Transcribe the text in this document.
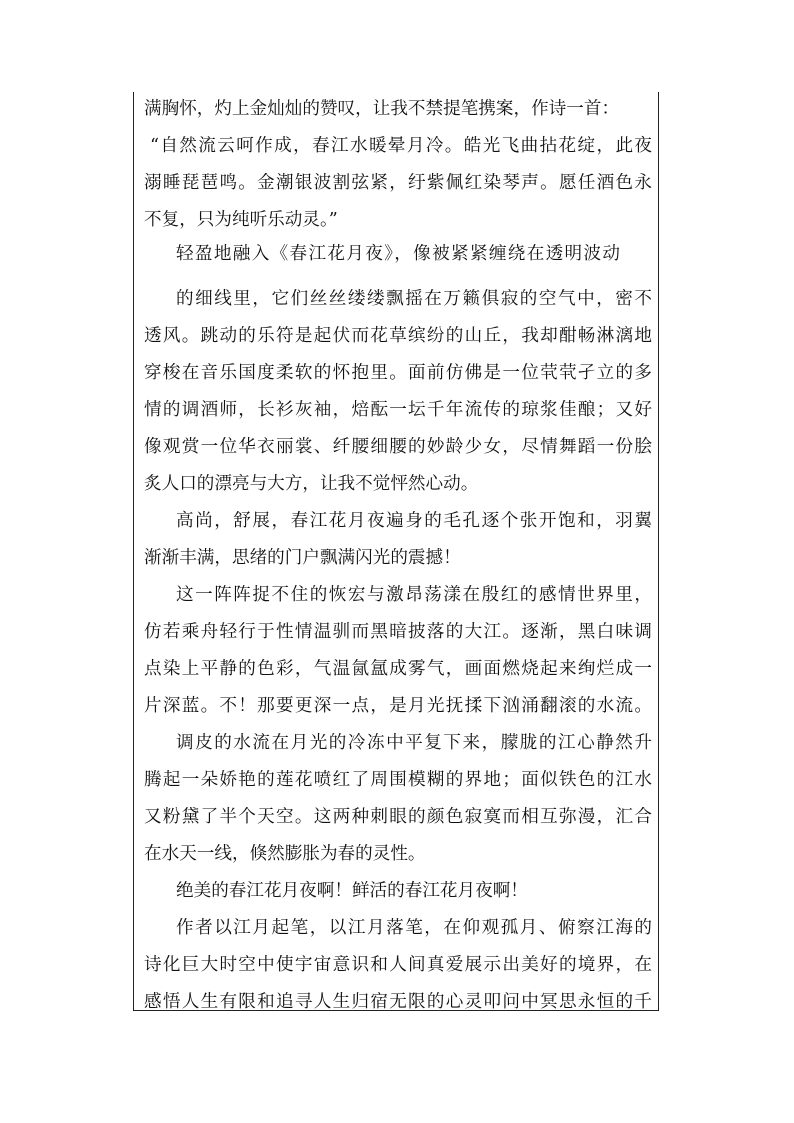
满胸怀，灼上金灿灿的赞叹，让我不禁提笔携案，作诗一首：
“自然流云呵作成，春江水暖晕月冷。皓光飞曲拈花绽，此夜
溺睡琵琶鸣。金潮银波割弦紧，纡紫佩红染琴声。愿任酒色永
不复，只为纯听乐动灵。”
轻盈地融入《春江花月夜》，像被紧紧缠绕在透明波动
的细线里，它们丝丝缕缕飘摇在万籁俱寂的空气中，密不
透风。跳动的乐符是起伏而花草缤纷的山丘，我却酣畅淋漓地
穿梭在音乐国度柔软的怀抱里。面前仿佛是一位茕茕孑立的多
情的调酒师，长衫灰袖，焙酝一坛千年流传的琼浆佳酿；又好
像观赏一位华衣丽裳、纤腰细腰的妙龄少女，尽情舞蹈一份脍
炙人口的漂亮与大方，让我不觉怦然心动。
高尚，舒展，春江花月夜遍身的毛孔逐个张开饱和，羽翼
渐渐丰满，思绪的门户飘满闪光的震撼！
这一阵阵捉不住的恢宏与激昂荡漾在殷红的感情世界里，
仿若乘舟轻行于性情温驯而黑暗披落的大江。逐渐，黑白味调
点染上平静的色彩，气温氤氲成雾气，画面燃烧起来绚烂成一
片深蓝。不！那要更深一点，是月光抚揉下汹涌翻滚的水流。
调皮的水流在月光的冷冻中平复下来，朦胧的江心静然升
腾起一朵娇艳的莲花喷红了周围模糊的界地；面似铁色的江水
又粉黛了半个天空。这两种刺眼的颜色寂寞而相互弥漫，汇合
在水天一线，倏然膨胀为春的灵性。
绝美的春江花月夜啊！鲜活的春江花月夜啊！
作者以江月起笔，以江月落笔，在仰观孤月、俯察江海的
诗化巨大时空中使宇宙意识和人间真爱展示出美好的境界，在
感悟人生有限和追寻人生归宿无限的心灵叩问中冥思永恒的千
